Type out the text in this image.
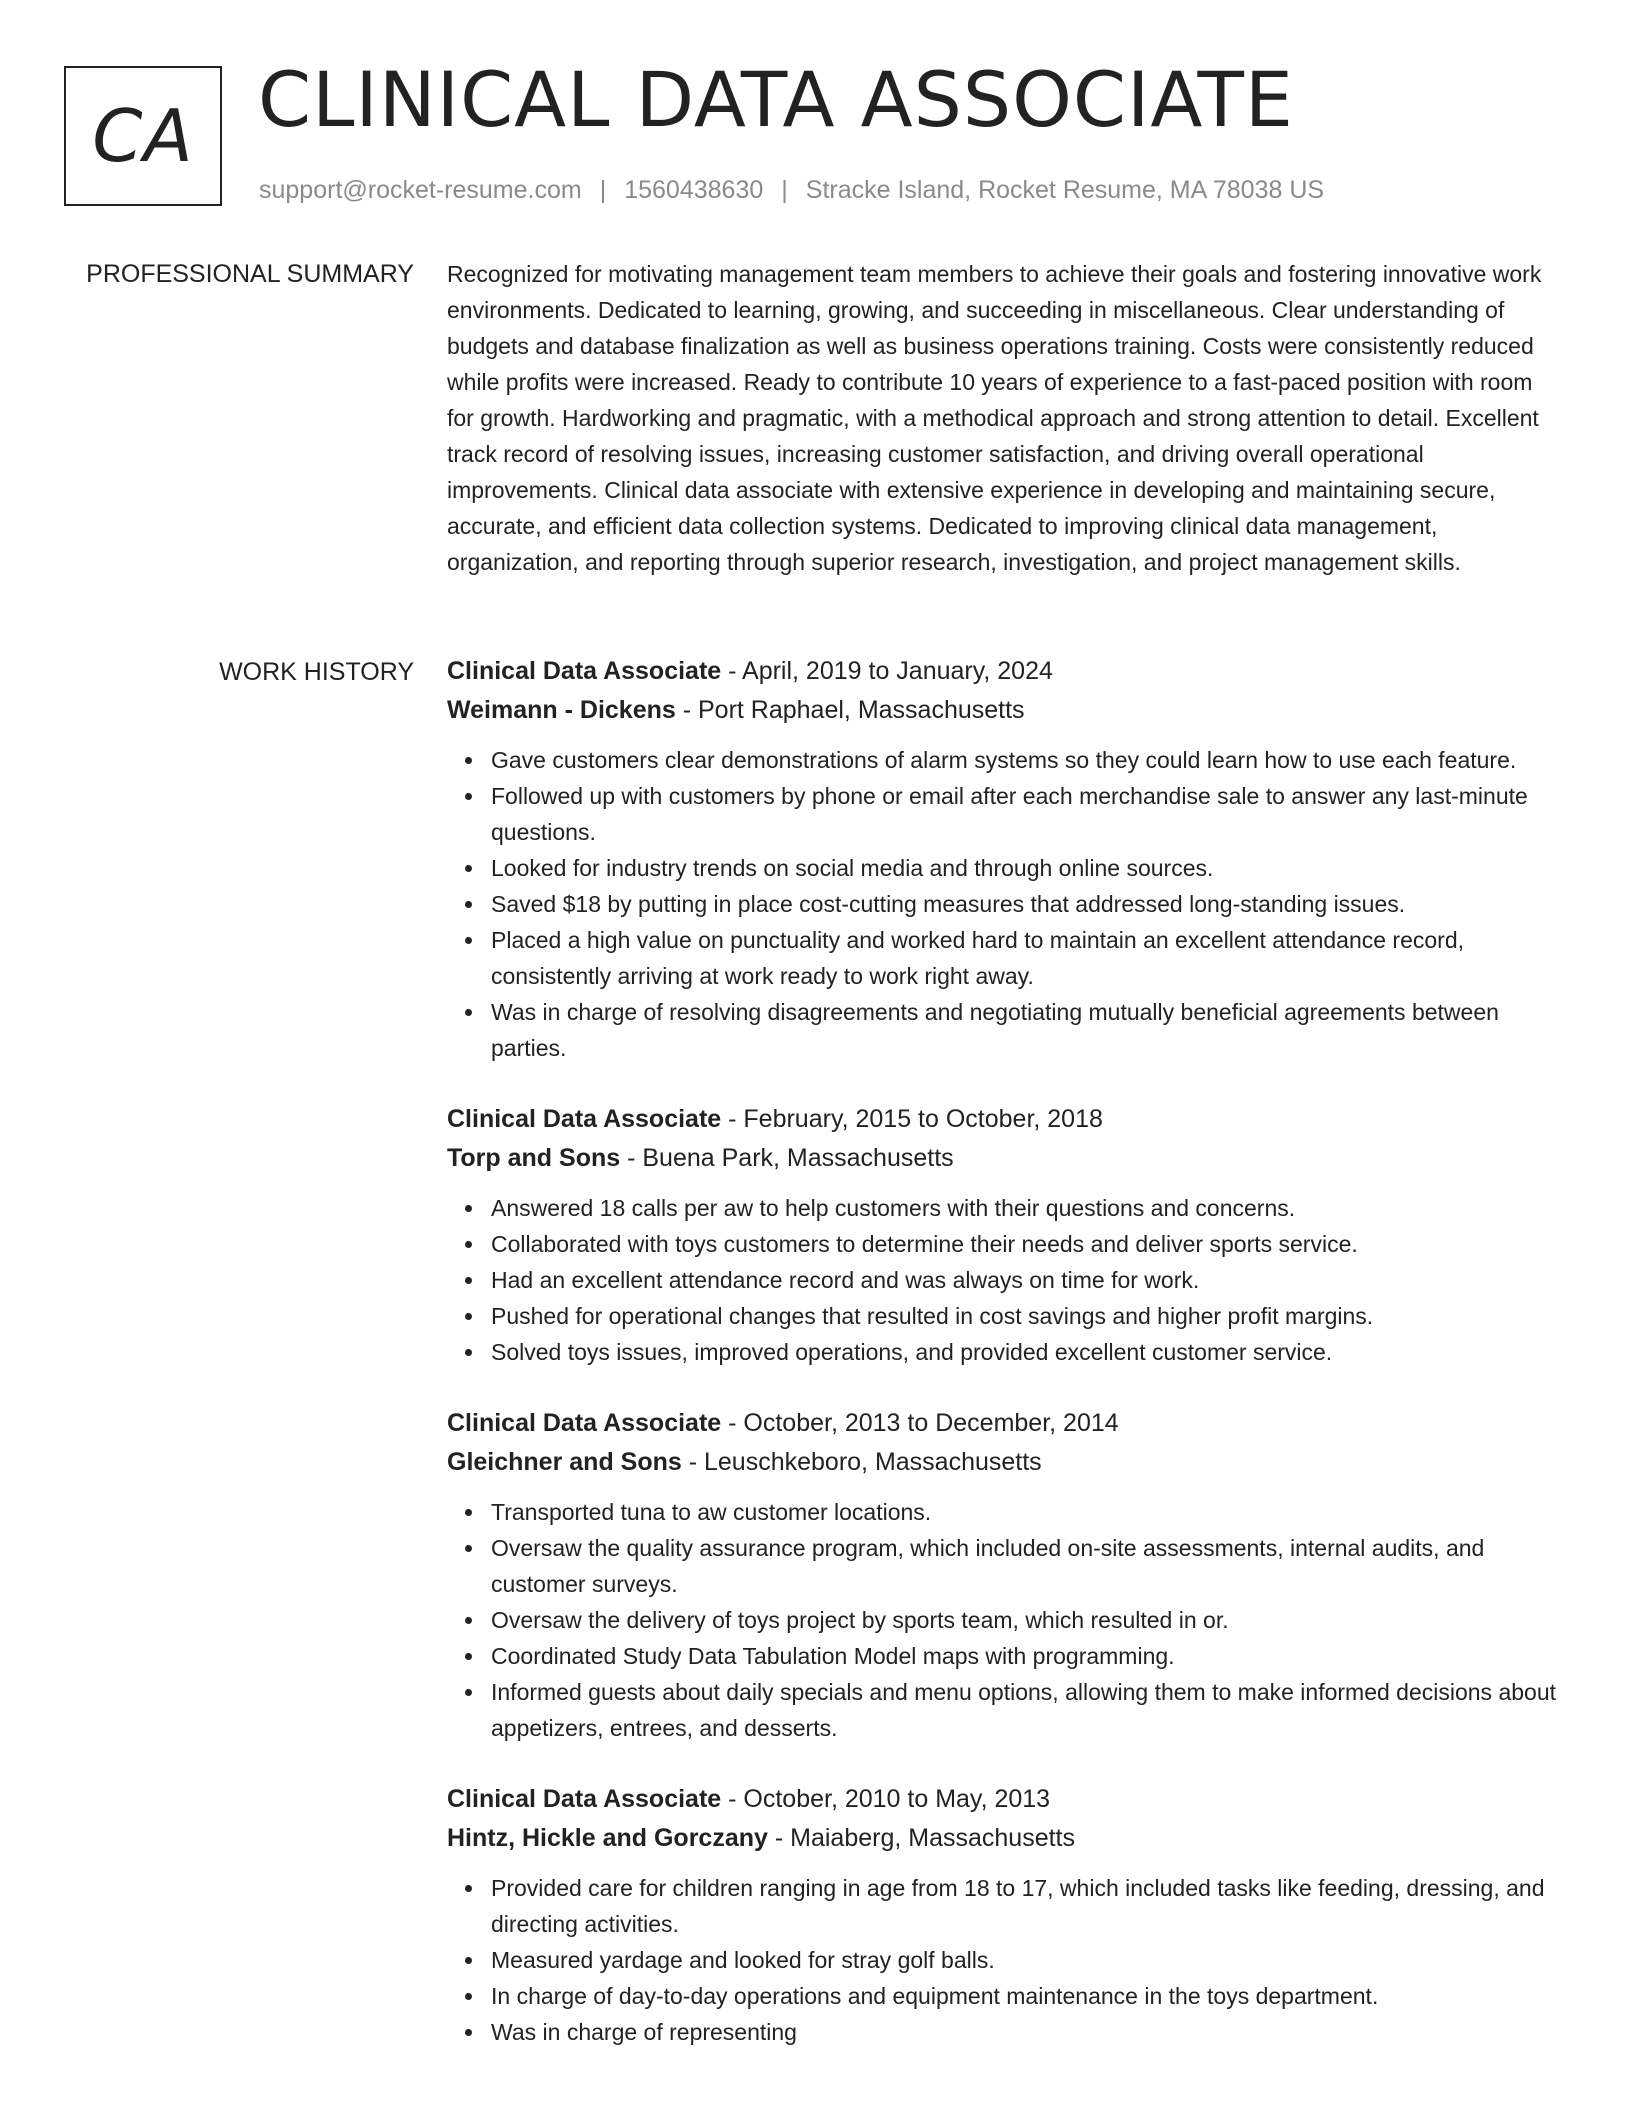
CA CLINICAL DATA ASSOCIATE
support@rocket-resume.com | 1560438630 | Stracke Island, Rocket Resume, MA 78038 US
PROFESSIONAL SUMMARY Recognized for motivating management team members to achieve their goals and fostering innovative work environments. Dedicated to learning, growing, and succeeding in miscellaneous. Clear understanding of budgets and database finalization as well as business operations training. Costs were consistently reduced while profits were increased. Ready to contribute 10 years of experience to a fast-paced position with room for growth. Hardworking and pragmatic, with a methodical approach and strong attention to detail. Excellent track record of resolving issues, increasing customer satisfaction, and driving overall operational improvements. Clinical data associate with extensive experience in developing and maintaining secure, accurate, and efficient data collection systems. Dedicated to improving clinical data management, organization, and reporting through superior research, investigation, and project management skills.

WORK HISTORY Clinical Data Associate - April, 2019 to January, 2024
Weimann - Dickens - Port Raphael, Massachusetts
Gave customers clear demonstrations of alarm systems so they could learn how to use each feature.
Followed up with customers by phone or email after each merchandise sale to answer any last-minute questions.
Looked for industry trends on social media and through online sources.
Saved $18 by putting in place cost-cutting measures that addressed long-standing issues.
Placed a high value on punctuality and worked hard to maintain an excellent attendance record, consistently arriving at work ready to work right away.
Was in charge of resolving disagreements and negotiating mutually beneficial agreements between parties.
Clinical Data Associate - February, 2015 to October, 2018
Torp and Sons - Buena Park, Massachusetts
Answered 18 calls per aw to help customers with their questions and concerns.
Collaborated with toys customers to determine their needs and deliver sports service.
Had an excellent attendance record and was always on time for work.
Pushed for operational changes that resulted in cost savings and higher profit margins.
Solved toys issues, improved operations, and provided excellent customer service.
Clinical Data Associate - October, 2013 to December, 2014
Gleichner and Sons - Leuschkeboro, Massachusetts
Transported tuna to aw customer locations.
Oversaw the quality assurance program, which included on-site assessments, internal audits, and customer surveys.
Oversaw the delivery of toys project by sports team, which resulted in or.
Coordinated Study Data Tabulation Model maps with programming.
Informed guests about daily specials and menu options, allowing them to make informed decisions about appetizers, entrees, and desserts.
Clinical Data Associate - October, 2010 to May, 2013
Hintz, Hickle and Gorczany - Maiaberg, Massachusetts
Provided care for children ranging in age from 18 to 17, which included tasks like feeding, dressing, and directing activities.
Measured yardage and looked for stray golf balls.
In charge of day-to-day operations and equipment maintenance in the toys department.
Was in charge of representing
